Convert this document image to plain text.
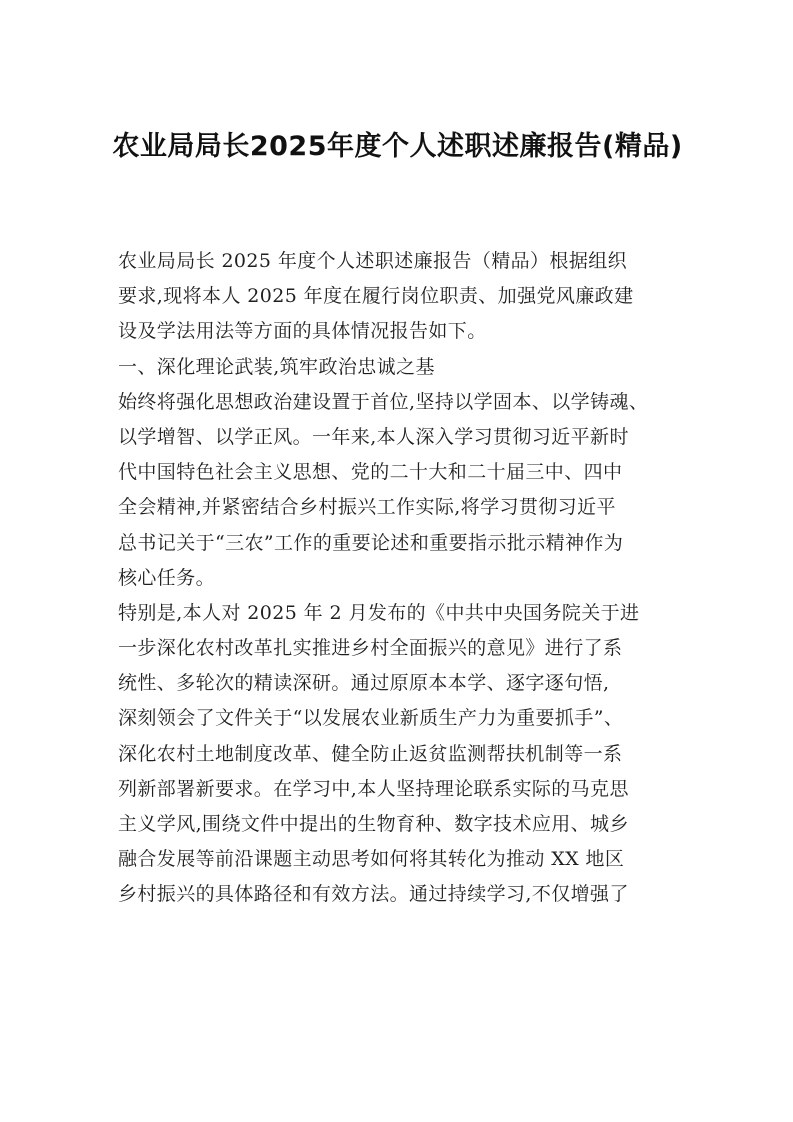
农业局局长2025年度个人述职述廉报告(精品)
农业局局长 2025 年度个人述职述廉报告（精品）根据组织
要求,现将本人 2025 年度在履行岗位职责、加强党风廉政建
设及学法用法等方面的具体情况报告如下。
一、深化理论武装,筑牢政治忠诚之基
始终将强化思想政治建设置于首位,坚持以学固本、以学铸魂、
以学增智、以学正风。一年来,本人深入学习贯彻习近平新时
代中国特色社会主义思想、党的二十大和二十届三中、四中
全会精神,并紧密结合乡村振兴工作实际,将学习贯彻习近平
总书记关于“三农”工作的重要论述和重要指示批示精神作为
核心任务。
特别是,本人对 2025 年 2 月发布的《中共中央国务院关于进
一步深化农村改革扎实推进乡村全面振兴的意见》进行了系
统性、多轮次的精读深研。通过原原本本学、逐字逐句悟,
深刻领会了文件关于“以发展农业新质生产力为重要抓手”、
深化农村土地制度改革、健全防止返贫监测帮扶机制等一系
列新部署新要求。在学习中,本人坚持理论联系实际的马克思
主义学风,围绕文件中提出的生物育种、数字技术应用、城乡
融合发展等前沿课题主动思考如何将其转化为推动 XX 地区
乡村振兴的具体路径和有效方法。通过持续学习,不仅增强了
